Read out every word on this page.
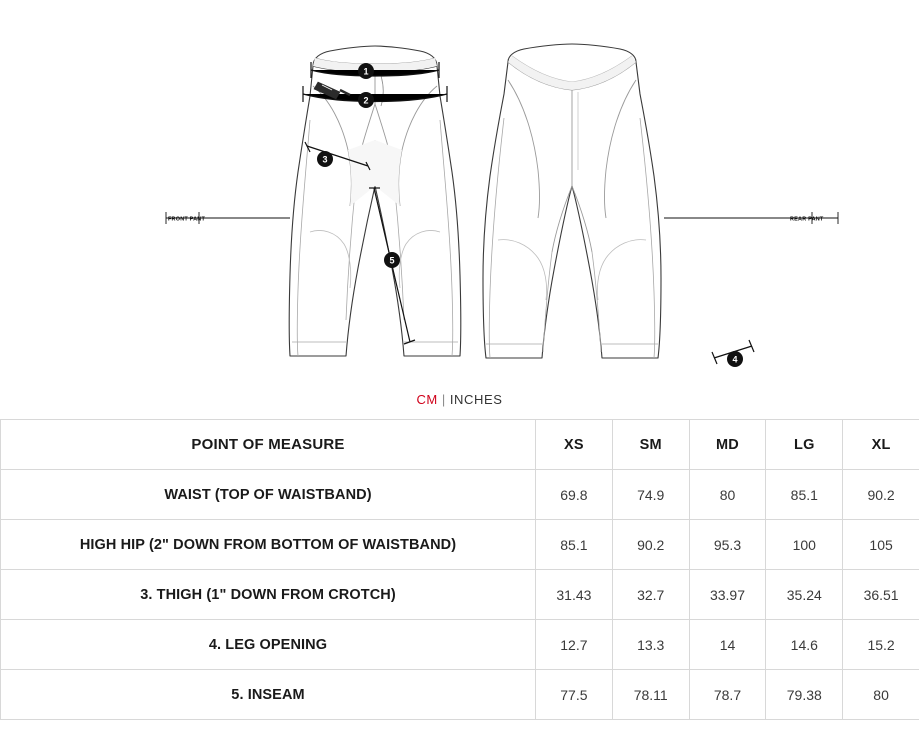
1
2
3
5
FRONT PANT
4
REAR PANT
CM | INCHES
POINT OF MEASURE	XS	SM	MD	LG	XL
WAIST (TOP OF WAISTBAND)	69.8	74.9	80	85.1	90.2
HIGH HIP (2" DOWN FROM BOTTOM OF WAISTBAND)	85.1	90.2	95.3	100	105
3. THIGH (1" DOWN FROM CROTCH)	31.43	32.7	33.97	35.24	36.51
4. LEG OPENING	12.7	13.3	14	14.6	15.2
5. INSEAM	77.5	78.11	78.7	79.38	80
